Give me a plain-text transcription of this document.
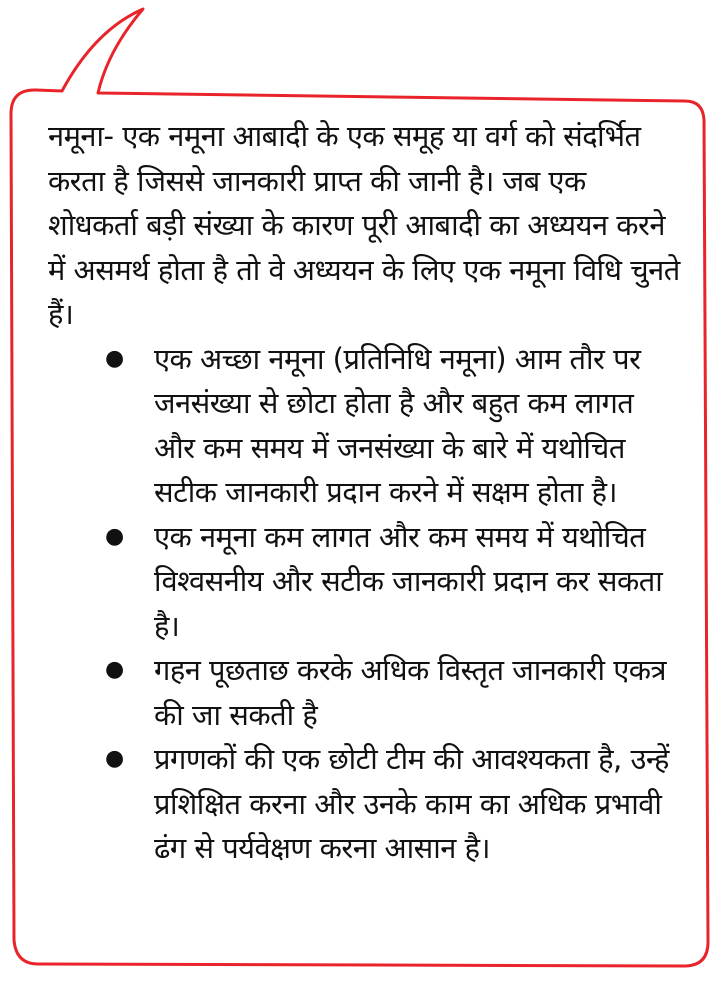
नमूना- एक नमूना आबादी के एक समूह या वर्ग को संदर्भित करता है जिससे जानकारी प्राप्त की जानी है। जब एक शोधकर्ता बड़ी संख्या के कारण पूरी आबादी का अध्ययन करने में असमर्थ होता है तो वे अध्ययन के लिए एक नमूना विधि चुनते हैं।

● एक अच्छा नमूना (प्रतिनिधि नमूना) आम तौर पर जनसंख्या से छोटा होता है और बहुत कम लागत और कम समय में जनसंख्या के बारे में यथोचित सटीक जानकारी प्रदान करने में सक्षम होता है।
● एक नमूना कम लागत और कम समय में यथोचित विश्वसनीय और सटीक जानकारी प्रदान कर सकता है।
● गहन पूछताछ करके अधिक विस्तृत जानकारी एकत्र की जा सकती है
● प्रगणकों की एक छोटी टीम की आवश्यकता है, उन्हें प्रशिक्षित करना और उनके काम का अधिक प्रभावी ढंग से पर्यवेक्षण करना आसान है।
